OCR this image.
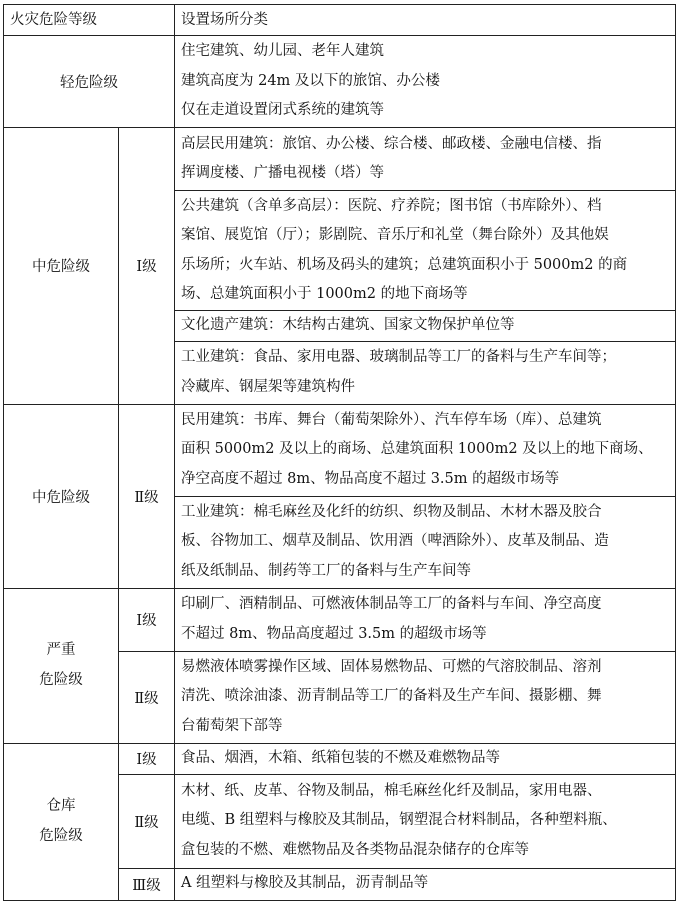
火灾危险等级		设置场所分类

轻危险级		住宅建筑、幼儿园、老年人建筑
建筑高度为 24m 及以下的旅馆、办公楼
仅在走道设置闭式系统的建筑等

中危险级	Ⅰ级	高层民用建筑：旅馆、办公楼、综合楼、邮政楼、金融电信楼、指
挥调度楼、广播电视楼（塔）等

		公共建筑（含单多高层）：医院、疗养院；图书馆（书库除外）、档
案馆、展览馆（厅）；影剧院、音乐厅和礼堂（舞台除外）及其他娱
乐场所；火车站、机场及码头的建筑；总建筑面积小于 5000m2 的商
场、总建筑面积小于 1000m2 的地下商场等

		文化遗产建筑：木结构古建筑、国家文物保护单位等

		工业建筑：食品、家用电器、玻璃制品等工厂的备料与生产车间等；
冷藏库、钢屋架等建筑构件

中危险级	Ⅱ级	民用建筑：书库、舞台（葡萄架除外）、汽车停车场（库）、总建筑
面积 5000m2 及以上的商场、总建筑面积 1000m2 及以上的地下商场、
净空高度不超过 8m、物品高度不超过 3.5m 的超级市场等

		工业建筑：棉毛麻丝及化纤的纺织、织物及制品、木材木器及胶合
板、谷物加工、烟草及制品、饮用酒（啤酒除外）、皮革及制品、造
纸及纸制品、制药等工厂的备料与生产车间等

严重
危险级	Ⅰ级	印刷厂、酒精制品、可燃液体制品等工厂的备料与车间、净空高度
不超过 8m、物品高度超过 3.5m 的超级市场等

	Ⅱ级	易燃液体喷雾操作区域、固体易燃物品、可燃的气溶胶制品、溶剂
清洗、喷涂油漆、沥青制品等工厂的备料及生产车间、摄影棚、舞
台葡萄架下部等

仓库
危险级	Ⅰ级	食品、烟酒，木箱、纸箱包装的不燃及难燃物品等

	Ⅱ级	木材、纸、皮革、谷物及制品，棉毛麻丝化纤及制品，家用电器、
电缆、B 组塑料与橡胶及其制品，钢塑混合材料制品，各种塑料瓶、
盒包装的不燃、难燃物品及各类物品混杂储存的仓库等

	Ⅲ级	A 组塑料与橡胶及其制品，沥青制品等
